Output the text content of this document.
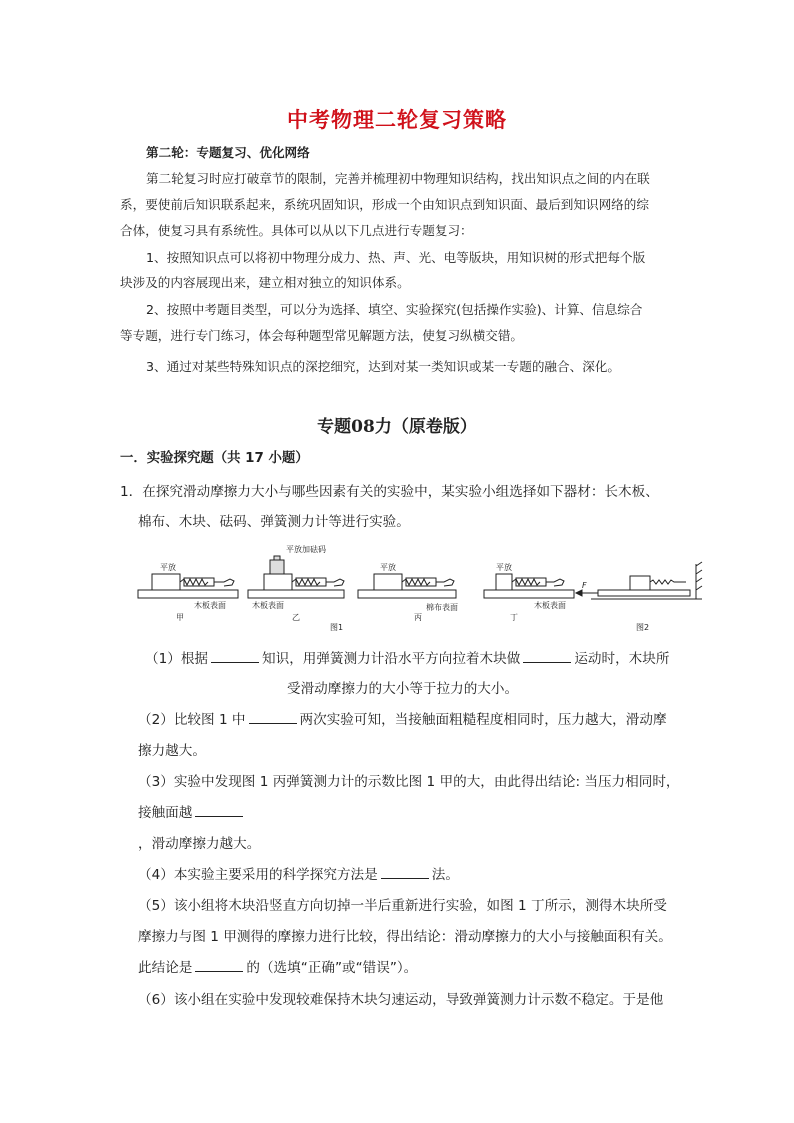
中考物理二轮复习策略
第二轮：专题复习、优化网络
第二轮复习时应打破章节的限制，完善并梳理初中物理知识结构，找出知识点之间的内在联
系，要使前后知识联系起来，系统巩固知识，形成一个由知识点到知识面、最后到知识网络的综
合体，使复习具有系统性。具体可以从以下几点进行专题复习：
1、按照知识点可以将初中物理分成力、热、声、光、电等版块，用知识树的形式把每个版
块涉及的内容展现出来，建立相对独立的知识体系。
2、按照中考题目类型，可以分为选择、填空、实验探究(包括操作实验)、计算、信息综合
等专题，进行专门练习，体会每种题型常见解题方法，使复习纵横交错。
3、通过对某些特殊知识点的深挖细究，达到对某一类知识或某一专题的融合、深化。
专题08力（原卷版）
一．实验探究题（共 17 小题）
1．在探究滑动摩擦力大小与哪些因素有关的实验中，某实验小组选择如下器材：长木板、
棉布、木块、砝码、弹簧测力计等进行实验。
平放
木板表面
甲
平放加砝码
木板表面
乙
平放
棉布表面
丙
平放
木板表面
丁
图1	图2
F
（1）根据	知识，用弹簧测力计沿水平方向拉着木块做	运动时，木块所
受滑动摩擦力的大小等于拉力的大小。
（2）比较图 1 中	两次实验可知，当接触面粗糙程度相同时，压力越大，滑动摩
擦力越大。
（3）实验中发现图 1 丙弹簧测力计的示数比图 1 甲的大，由此得出结论: 当压力相同时，
接触面越
，滑动摩擦力越大。
（4）本实验主要采用的科学探究方法是	法。
（5）该小组将木块沿竖直方向切掉一半后重新进行实验，如图 1 丁所示，测得木块所受
摩擦力与图 1 甲测得的摩擦力进行比较，得出结论：滑动摩擦力的大小与接触面积有关。
此结论是	的（选填“正确”或“错误”）。
（6）该小组在实验中发现较难保持木块匀速运动，导致弹簧测力计示数不稳定。于是他
